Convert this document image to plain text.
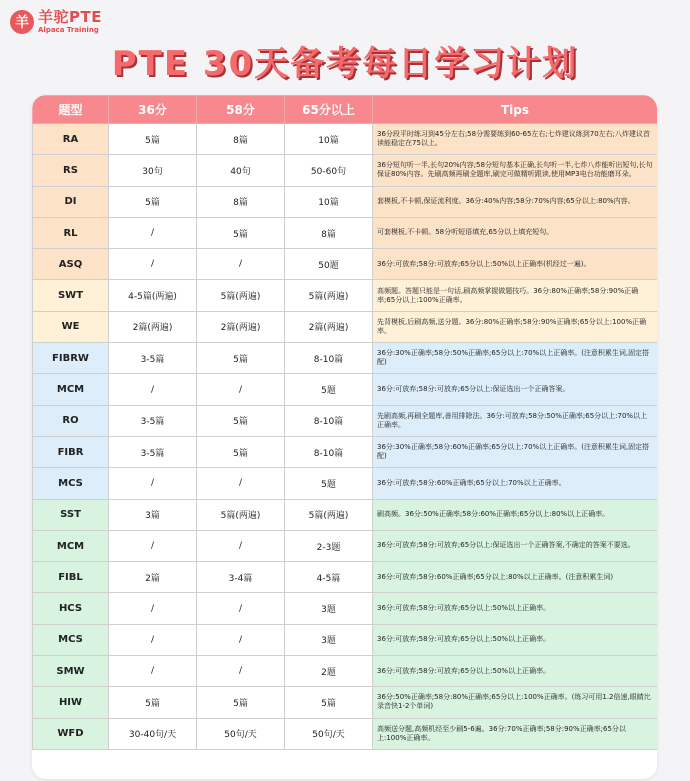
羊 羊驼PTE
Alpaca Training
PTE 30天备考每日学习计划
题型	36分	58分	65分以上	Tips
RA	5篇	8篇	10篇	36分段平时练习到45分左右;58分需要练到60-65左右;七炸建议练到70左右;八炸建议首读能稳定在75以上。
RS	30句	40句	50-60句	36分短句听一半,长句20%内容;58分短句基本正确,长句听一半,七炸八炸能听出短句,长句保证80%内容。先刷高频再刷全题库,刷完可做精听跟读,使用MP3电台功能磨耳朵。
DI	5篇	8篇	10篇	套模板,不卡顿,保证流利度。36分:40%内容;58分:70%内容;65分以上:80%内容。
RL	/	5篇	8篇	可套模板,不卡顿。58分听短语填充,65分以上填充短句。
ASQ	/	/	50题	36分:可放弃;58分:可放弃;65分以上:50%以上正确率(机经过一遍)。
SWT	4-5篇(两遍)	5篇(两遍)	5篇(两遍)	高频题。答题只能是一句话,刷高频掌握做题技巧。36分:80%正确率;58分:90%正确率;65分以上:100%正确率。
WE	2篇(两遍)	2篇(两遍)	2篇(两遍)	先背模板,后刷高频,送分题。36分:80%正确率;58分:90%正确率;65分以上:100%正确率。
FIBRW	3-5篇	5篇	8-10篇	36分:30%正确率;58分:50%正确率;65分以上:70%以上正确率。(注意积累生词,固定搭配)
MCM	/	/	5题	36分:可放弃;58分:可放弃;65分以上:保证选出一个正确答案。
RO	3-5篇	5篇	8-10篇	先刷高频,再刷全题库,善用排除法。36分:可放弃;58分:50%正确率;65分以上:70%以上正确率。
FIBR	3-5篇	5篇	8-10篇	36分:30%正确率;58分:60%正确率;65分以上:70%以上正确率。(注意积累生词,固定搭配)
MCS	/	/	5题	36分:可放弃;58分:60%正确率;65分以上:70%以上正确率。
SST	3篇	5篇(两遍)	5篇(两遍)	刷高频。36分:50%正确率;58分:60%正确率;65分以上:80%以上正确率。
MCM	/	/	2-3题	36分:可放弃;58分:可放弃;65分以上:保证选出一个正确答案,不确定的答案不要选。
FIBL	2篇	3-4篇	4-5篇	36分:可放弃;58分:60%正确率;65分以上:80%以上正确率。(注意积累生词)
HCS	/	/	3题	36分:可放弃;58分:可放弃;65分以上:50%以上正确率。
MCS	/	/	3题	36分:可放弃;58分:可放弃;65分以上:50%以上正确率。
SMW	/	/	2题	36分:可放弃;58分:可放弃;65分以上:50%以上正确率。
HIW	5篇	5篇	5篇	36分:50%正确率;58分:80%正确率;65分以上:100%正确率。(练习可用1.2倍速,眼睛比录音快1-2个单词)
WFD	30-40句/天	50句/天	50句/天	高频送分题,高频机经至少刷5-6遍。36分:70%正确率;58分:90%正确率;65分以上:100%正确率。
